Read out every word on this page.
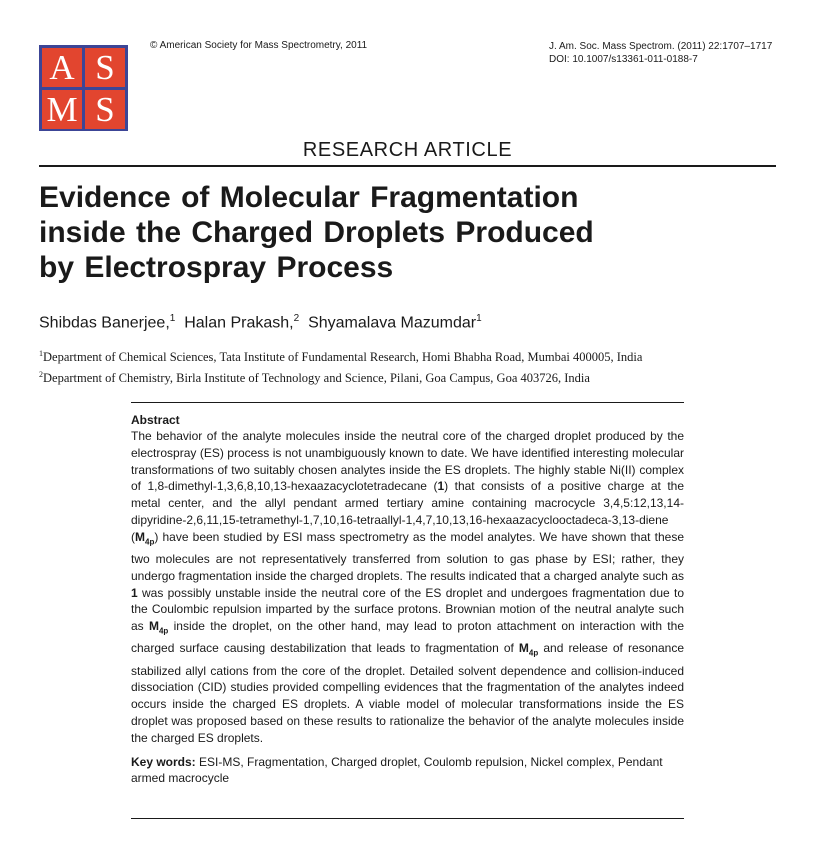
A S
M S
© American Society for Mass Spectrometry, 2011	J. Am. Soc. Mass Spectrom. (2011) 22:1707–1717
DOI: 10.1007/s13361-011-0188-7
RESEARCH ARTICLE
Evidence of Molecular Fragmentation
inside the Charged Droplets Produced
by Electrospray Process
Shibdas Banerjee,$^1$ Halan Prakash,$^2$ Shyamalava Mazumdar$^1$
$^1$Department of Chemical Sciences, Tata Institute of Fundamental Research, Homi Bhabha Road, Mumbai 400005, India
$^2$Department of Chemistry, Birla Institute of Technology and Science, Pilani, Goa Campus, Goa 403726, India
Abstract

The behavior of the analyte molecules inside the neutral core of the charged droplet produced by the electrospray (ES) process is not unambiguously known to date. We have identified interesting molecular transformations of two suitably chosen analytes inside the ES droplets. The highly stable Ni(II) complex of 1,8-dimethyl-1,3,6,8,10,13-hexaazacyclotetradecane (1) that consists of a positive charge at the metal center, and the allyl pendant armed tertiary amine containing macrocycle 3,4,5:12,13,14-dipyridine-2,6,11,15-tetramethyl-1,7,10,16-tetraallyl-1,4,7,10,13,16-hexaazacyclooctadeca-3,13-diene $(M_{4p})$ have been studied by ESI mass spectrometry as the model analytes. We have shown that these two molecules are not representatively transferred from solution to gas phase by ESI; rather, they undergo fragmentation inside the charged droplets. The results indicated that a charged analyte such as 1 was possibly unstable inside the neutral core of the ES droplet and undergoes fragmentation due to the Coulombic repulsion imparted by the surface protons. Brownian motion of the neutral analyte such as $M_{4p}$ inside the droplet, on the other hand, may lead to proton attachment on interaction with the charged surface causing destabilization that leads to fragmentation of $M_{4p}$ and release of resonance stabilized allyl cations from the core of the droplet. Detailed solvent dependence and collision-induced dissociation (CID) studies provided compelling evidences that the fragmentation of the analytes indeed occurs inside the charged ES droplets. A viable model of molecular transformations inside the ES droplet was proposed based on these results to rationalize the behavior of the analyte molecules inside the charged ES droplets.

Key words: ESI-MS, Fragmentation, Charged droplet, Coulomb repulsion, Nickel complex, Pendant armed macrocycle
